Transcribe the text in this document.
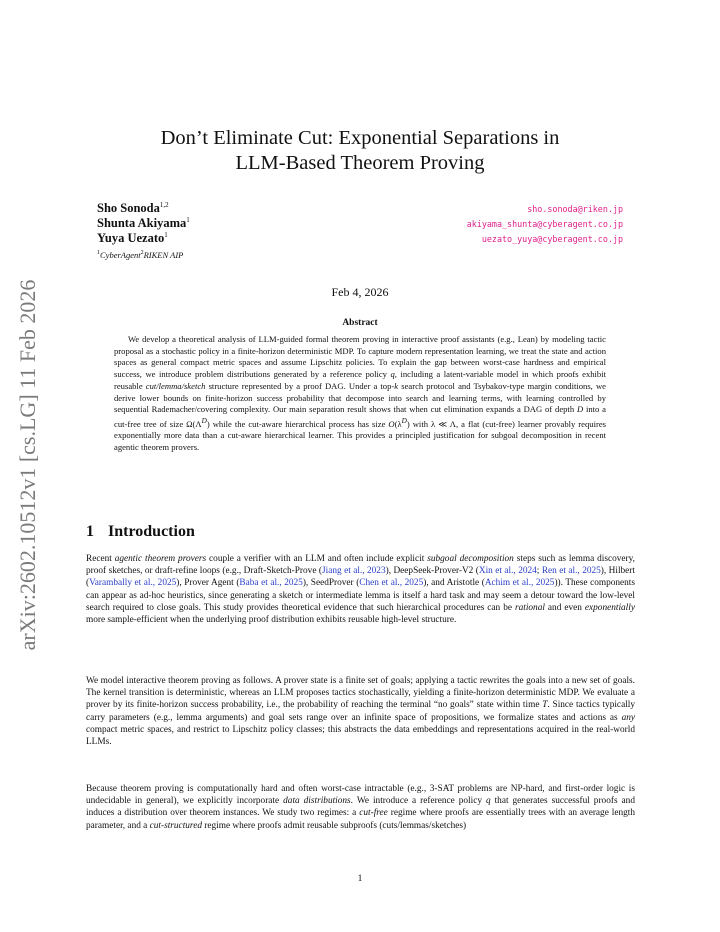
arXiv:2602.10512v1 [cs.LG] 11 Feb 2026
Don’t Eliminate Cut: Exponential Separations in
LLM-Based Theorem Proving
Sho Sonoda$^{1,2}$	sho.sonoda@riken.jp
Shunta Akiyama$^1$	akiyama_shunta@cyberagent.co.jp
Yuya Uezato$^1$	uezato_yuya@cyberagent.co.jp
$^1$CyberAgent$^2$RIKEN AIP
Feb 4, 2026
Abstract
We develop a theoretical analysis of LLM-guided formal theorem proving in interactive proof assistants (e.g., Lean) by modeling tactic proposal as a stochastic policy in a finite-horizon deterministic MDP. To capture modern representation learning, we treat the state and action spaces as general compact metric spaces and assume Lipschitz policies. To explain the gap between worst-case hardness and empirical success, we introduce problem distributions generated by a reference policy q, including a latent-variable model in which proofs exhibit reusable cut/lemma/sketch structure represented by a proof DAG. Under a top-k search protocol and Tsybakov-type margin conditions, we derive lower bounds on finite-horizon success probability that decompose into search and learning terms, with learning controlled by sequential Rademacher/covering complexity. Our main separation result shows that when cut elimination expands a DAG of depth D into a cut-free tree of size $\Omega(\Lambda^D)$ while the cut-aware hierarchical process has size $O(\lambda^D)$ with λ ≪ Λ, a flat (cut-free) learner provably requires exponentially more data than a cut-aware hierarchical learner. This provides a principled justification for subgoal decomposition in recent agentic theorem provers.
1 Introduction
Recent agentic theorem provers couple a verifier with an LLM and often include explicit subgoal decomposition steps such as lemma discovery, proof sketches, or draft-refine loops (e.g., Draft-Sketch-Prove (Jiang et al., 2023), DeepSeek-Prover-V2 (Xin et al., 2024; Ren et al., 2025), Hilbert (Varambally et al., 2025), Prover Agent (Baba et al., 2025), SeedProver (Chen et al., 2025), and Aristotle (Achim et al., 2025)). These components can appear as ad-hoc heuristics, since generating a sketch or intermediate lemma is itself a hard task and may seem a detour toward the low-level search required to close goals. This study provides theoretical evidence that such hierarchical procedures can be rational and even exponentially more sample-efficient when the underlying proof distribution exhibits reusable high-level structure.
We model interactive theorem proving as follows. A prover state is a finite set of goals; applying a tactic rewrites the goals into a new set of goals. The kernel transition is deterministic, whereas an LLM proposes tactics stochastically, yielding a finite-horizon deterministic MDP. We evaluate a prover by its finite-horizon success probability, i.e., the probability of reaching the terminal “no goals” state within time T. Since tactics typically carry parameters (e.g., lemma arguments) and goal sets range over an infinite space of propositions, we formalize states and actions as any compact metric spaces, and restrict to Lipschitz policy classes; this abstracts the data embeddings and representations acquired in the real-world LLMs.
Because theorem proving is computationally hard and often worst-case intractable (e.g., 3-SAT problems are NP-hard, and first-order logic is undecidable in general), we explicitly incorporate data distributions. We introduce a reference policy q that generates successful proofs and induces a distribution over theorem instances. We study two regimes: a cut-free regime where proofs are essentially trees with an average length parameter, and a cut-structured regime where proofs admit reusable subproofs (cuts/lemmas/sketches)
1
